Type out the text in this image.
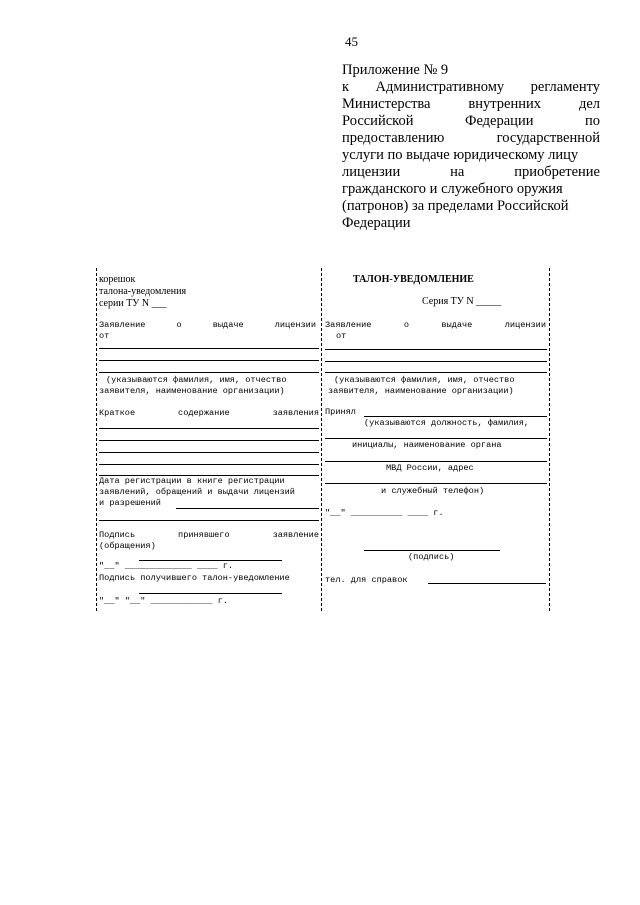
45
Приложение № 9
к Административному регламенту
Министерства	внутренних	дел
Российской	Федерации	по
предоставлению	государственной
услуги по выдаче юридическому лицу
лицензии	на	приобретение
гражданского и служебного оружия
(патронов) за пределами Российской
Федерации
корешок
талона-уведомления
серии ТУ N ___
Заявление	о	выдаче	лицензии
от
(указываются фамилия, имя, отчество
заявителя, наименование организации)
Краткое	содержание	заявления
Дата регистрации в книге регистрации
заявлений, обращений и выдачи лицензий
и разрешений
Подпись	принявшего	заявление
(обращения)
"__" _____________ ____ г.
Подпись получившего талон-уведомление
"__" "__" ____________ г.
ТАЛОН-УВЕДОМЛЕНИЕ
Серия ТУ N _____
Заявление	о	выдаче	лицензии
от
(указываются фамилия, имя, отчество
заявителя, наименование организации)
Принял
(указываются должность, фамилия,
инициалы, наименование органа
МВД России, адрес
и служебный телефон)
"__" __________ ____ г.
(подпись)
тел. для справок
